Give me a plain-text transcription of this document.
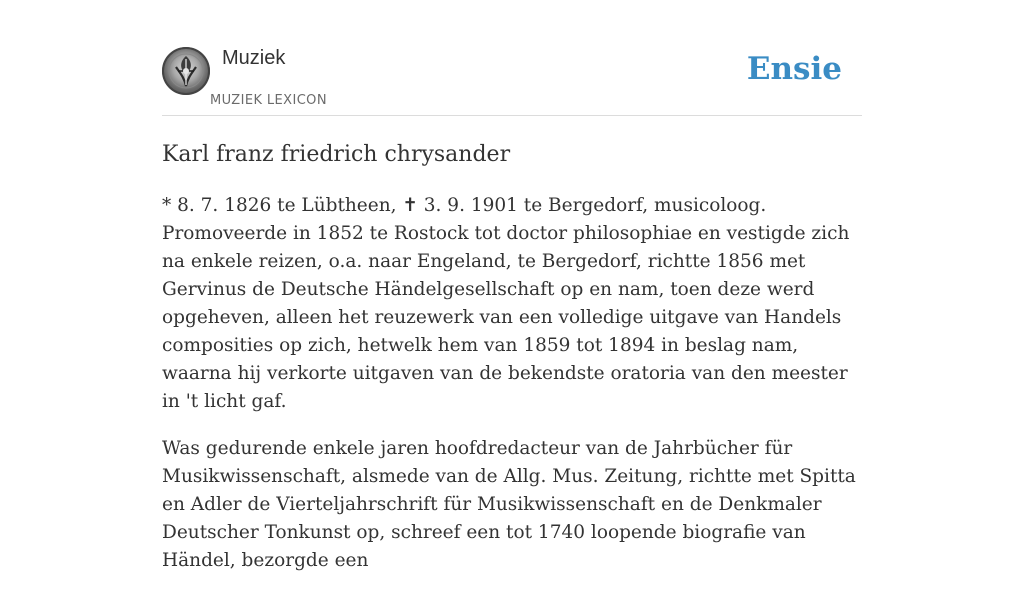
Muziek
MUZIEK LEXICON
Ensie
Karl franz friedrich chrysander

* 8. 7. 1826 te Lübtheen, ✝ 3. 9. 1901 te Bergedorf, musicoloog. Promoveerde in 1852 te Rostock tot doctor philosophiae en vestigde zich na enkele reizen, o.a. naar Engeland, te Bergedorf, richtte 1856 met Gervinus de Deutsche Händelgesellschaft op en nam, toen deze werd opgeheven, alleen het reuzewerk van een volledige uitgave van Handels composities op zich, hetwelk hem van 1859 tot 1894 in beslag nam, waarna hij verkorte uitgaven van de bekendste oratoria van den meester in 't licht gaf.

Was gedurende enkele jaren hoofdredacteur van de Jahrbücher für Musikwissenschaft, alsmede van de Allg. Mus. Zeitung, richtte met Spitta en Adler de Vierteljahrschrift für Musikwissenschaft en de Denkmaler Deutscher Tonkunst op, schreef een tot 1740 loopende biografie van Händel, bezorgde een
